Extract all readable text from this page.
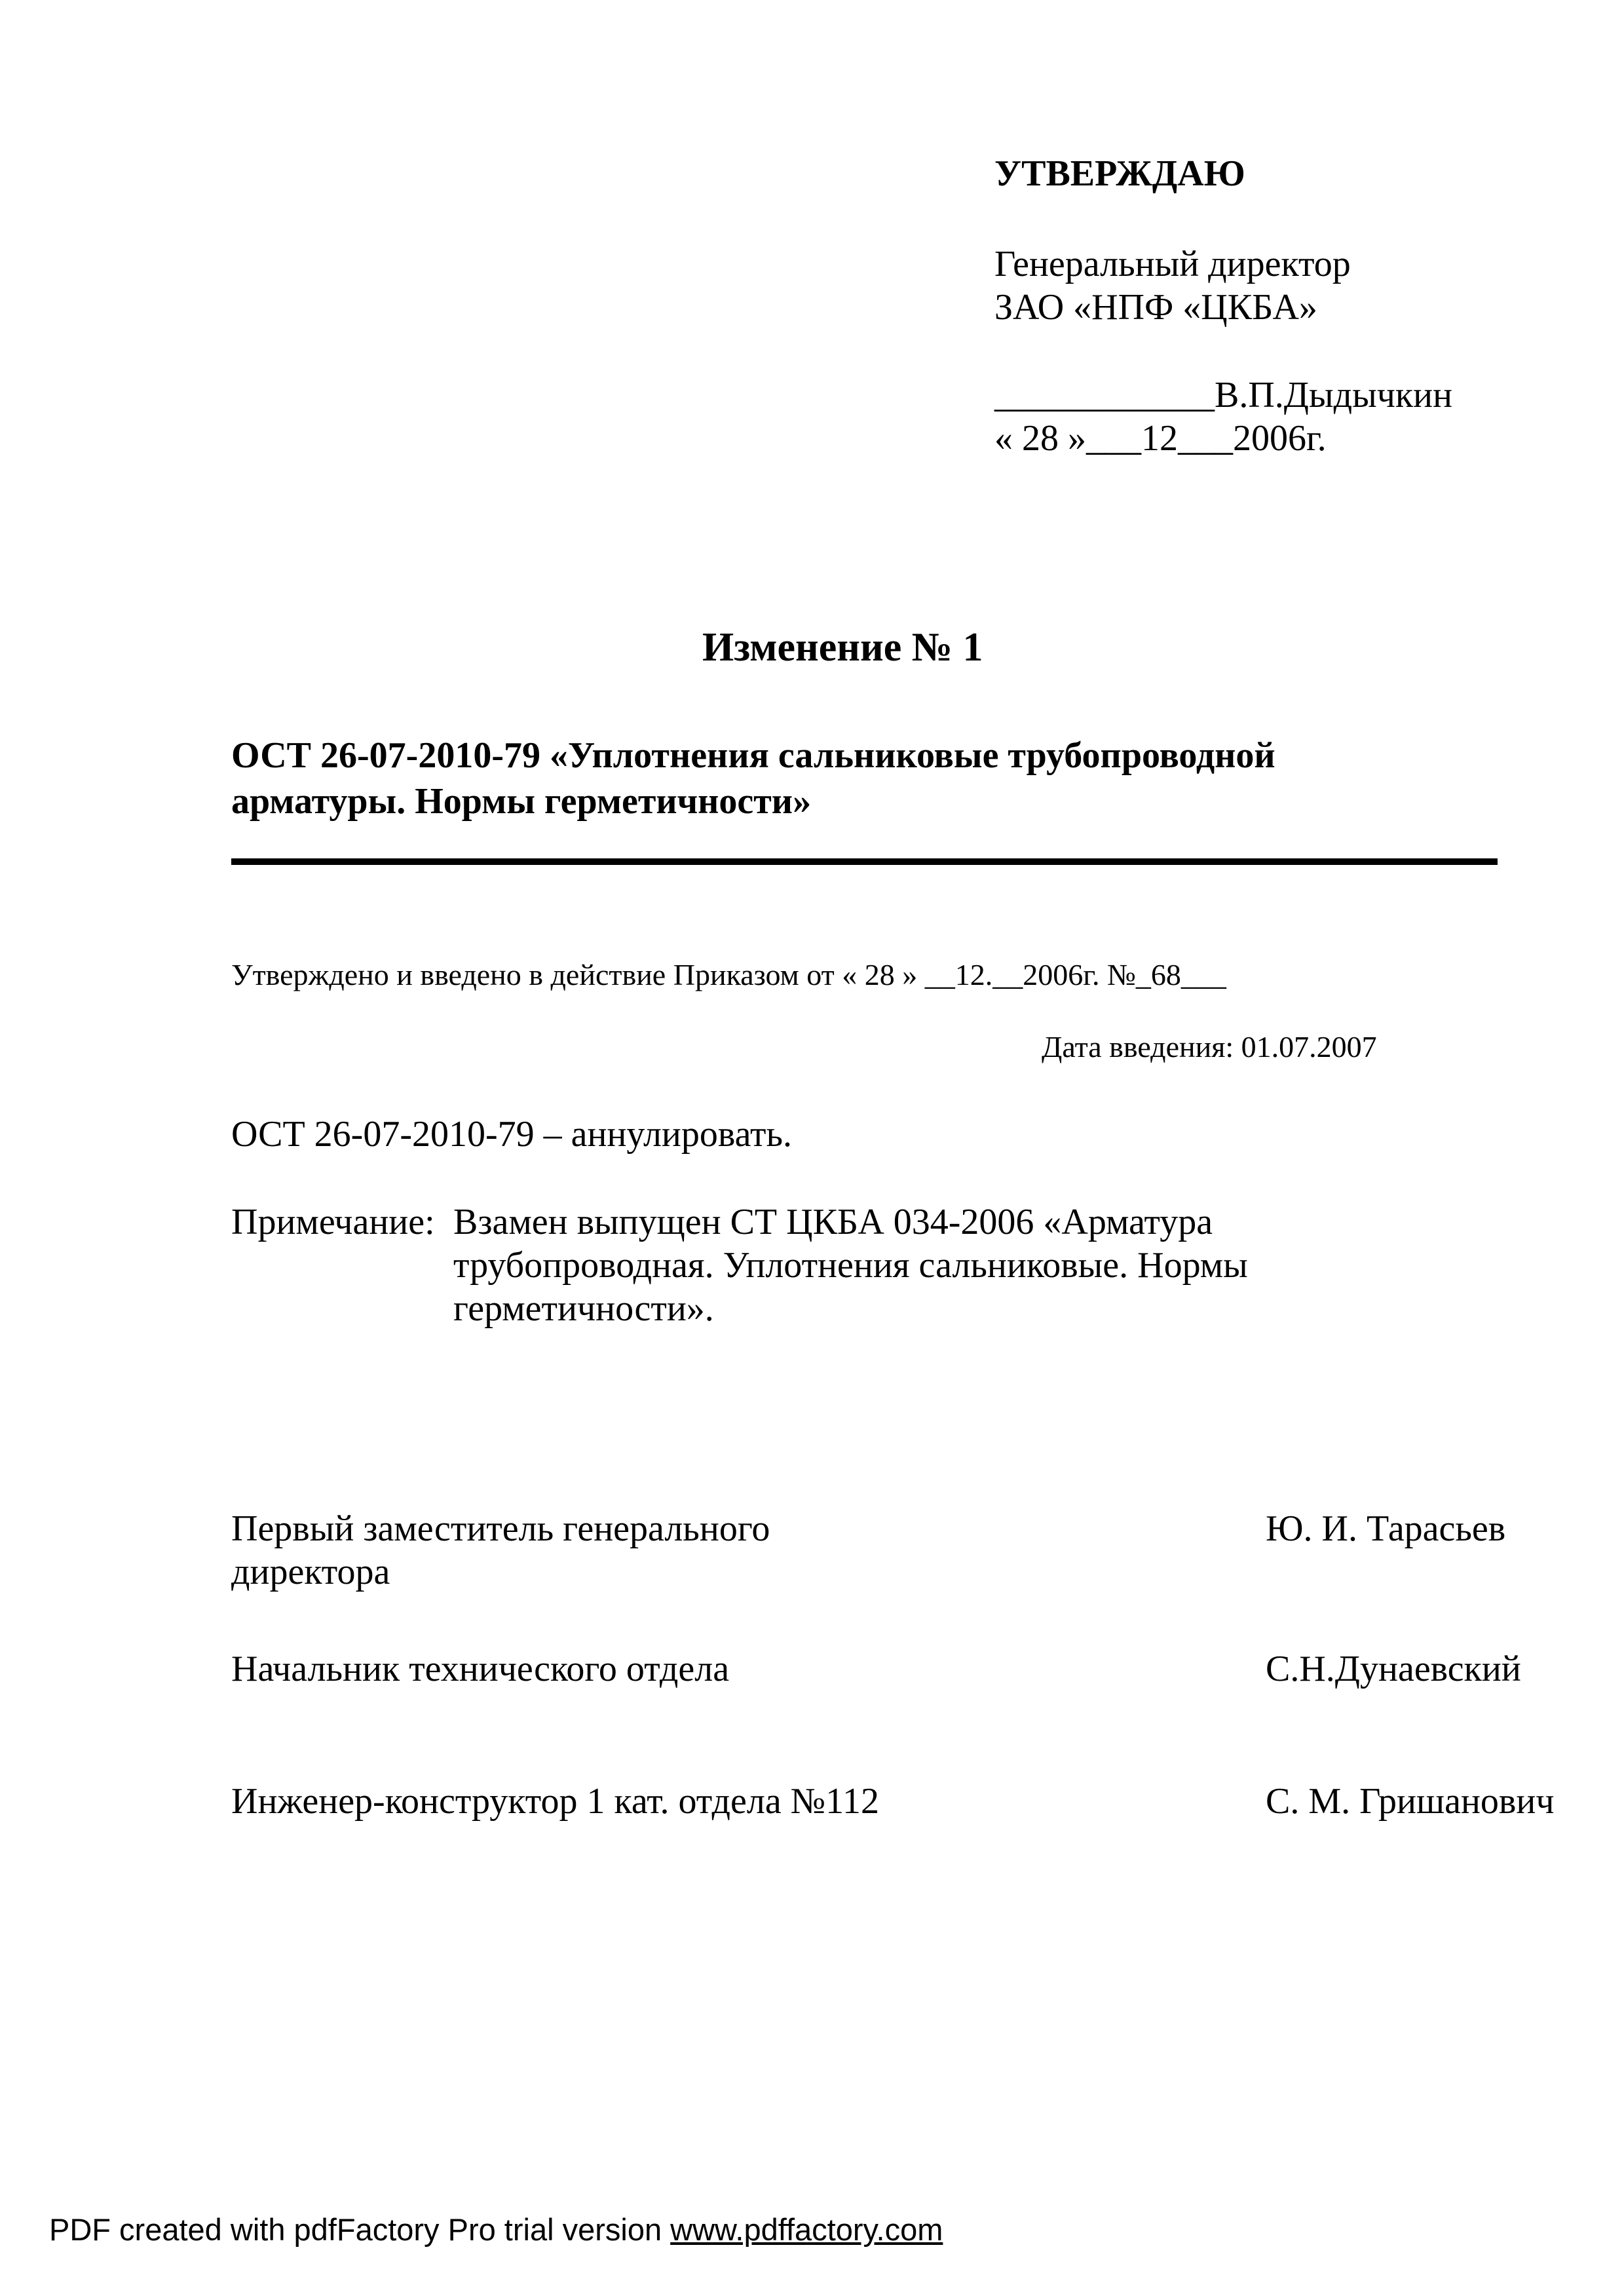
УТВЕРЖДАЮ
Генеральный директор
ЗАО «НПФ «ЦКБА»
____________В.П.Дыдычкин
« 28 »___12___2006г.
Изменение № 1
ОСТ 26-07-2010-79 «Уплотнения сальниковые трубопроводной
арматуры. Нормы герметичности»
Утверждено и введено в действие Приказом от « 28 » __12.__2006г. №_68___
Дата введения: 01.07.2007
ОСТ 26-07-2010-79 – аннулировать.
Примечание: Взамен выпущен СТ ЦКБА 034-2006 «Арматура
трубопроводная. Уплотнения сальниковые. Нормы
герметичности».
Первый заместитель генерального
директора
Ю. И. Тарасьев
Начальник технического отдела	С.Н.Дунаевский
Инженер-конструктор 1 кат. отдела №112	С. М. Гришанович
PDF created with pdfFactory Pro trial version www.pdffactory.com
